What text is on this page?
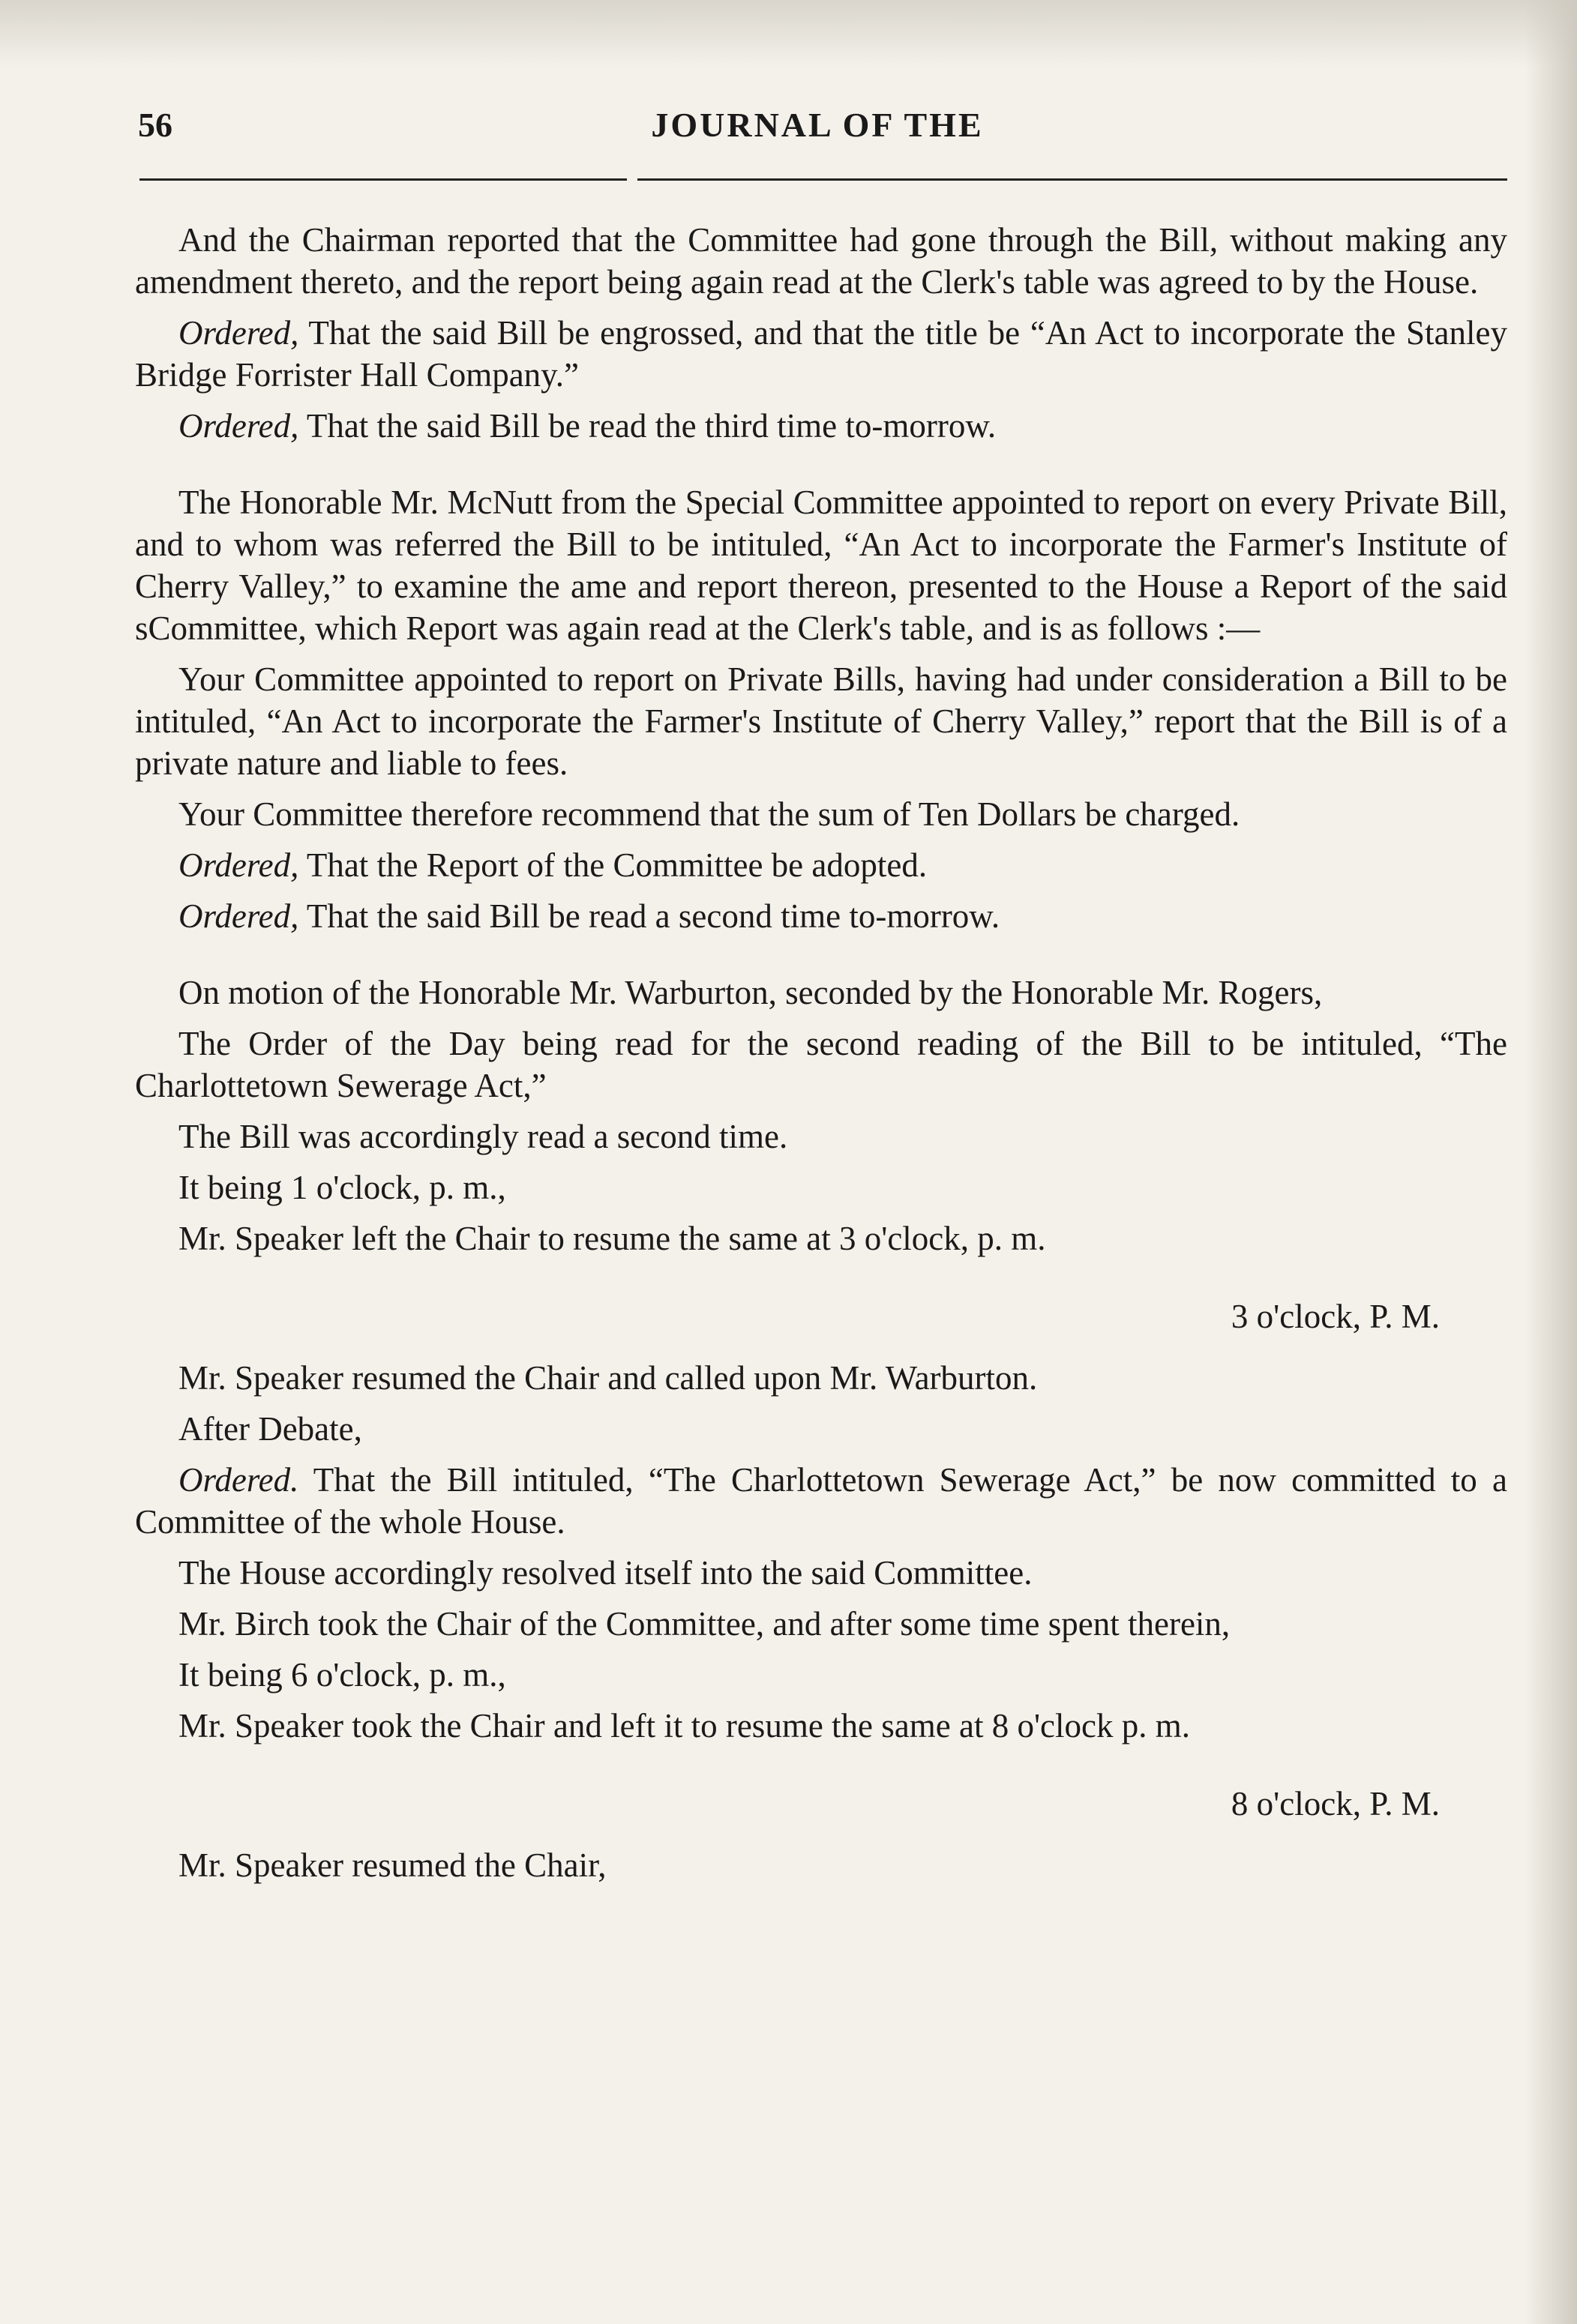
56	JOURNAL OF THE

And the Chairman reported that the Committee had gone through the Bill, without making any amendment thereto, and the report being again read at the Clerk's table was agreed to by the House.

Ordered, That the said Bill be engrossed, and that the title be “An Act to incorporate the Stanley Bridge Forrister Hall Company.”

Ordered, That the said Bill be read the third time to-morrow.

The Honorable Mr. McNutt from the Special Committee appointed to report on every Private Bill, and to whom was referred the Bill to be intituled, “An Act to incorporate the Farmer's Institute of Cherry Valley,” to examine the ame and report thereon, presented to the House a Report of the said sCommittee, which Report was again read at the Clerk's table, and is as follows :—

Your Committee appointed to report on Private Bills, having had under consideration a Bill to be intituled, “An Act to incorporate the Farmer's Institute of Cherry Valley,” report that the Bill is of a private nature and liable to fees.

Your Committee therefore recommend that the sum of Ten Dollars be charged.

Ordered, That the Report of the Committee be adopted.

Ordered, That the said Bill be read a second time to-morrow.

On motion of the Honorable Mr. Warburton, seconded by the Honorable Mr. Rogers,

The Order of the Day being read for the second reading of the Bill to be intituled, “The Charlottetown Sewerage Act,”

The Bill was accordingly read a second time.

It being 1 o'clock, p. m.,

Mr. Speaker left the Chair to resume the same at 3 o'clock, p. m.

3 o'clock, P. M.

Mr. Speaker resumed the Chair and called upon Mr. Warburton.

After Debate,

Ordered. That the Bill intituled, “The Charlottetown Sewerage Act,” be now committed to a Committee of the whole House.

The House accordingly resolved itself into the said Committee.

Mr. Birch took the Chair of the Committee, and after some time spent therein,

It being 6 o'clock, p. m.,

Mr. Speaker took the Chair and left it to resume the same at 8 o'clock p. m.

8 o'clock, P. M.

Mr. Speaker resumed the Chair,
